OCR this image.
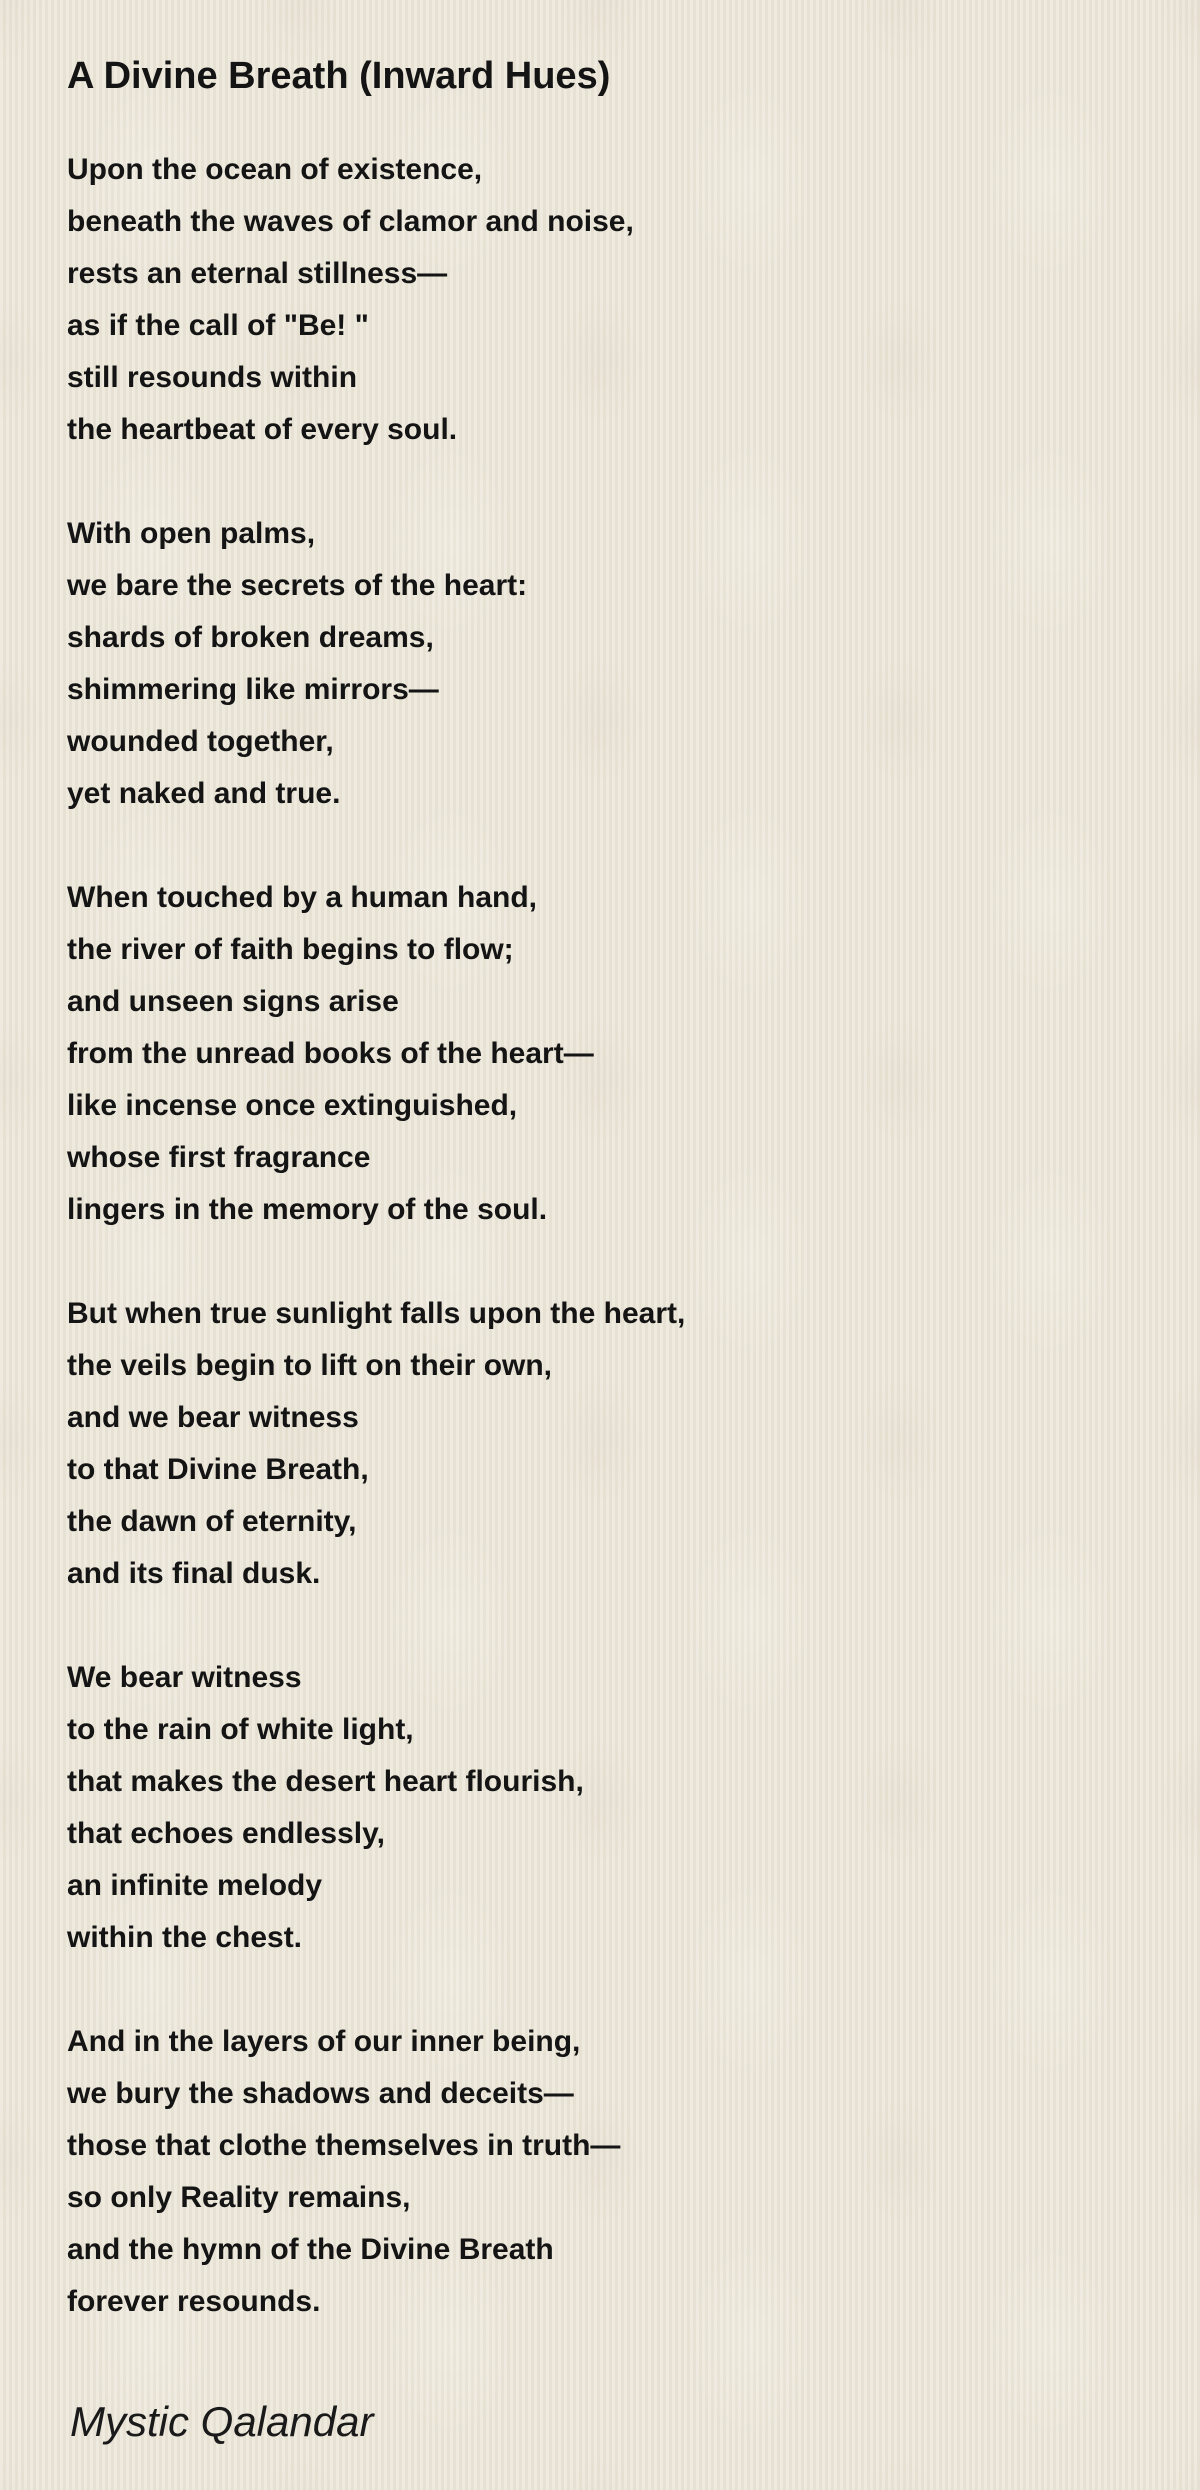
A Divine Breath (Inward Hues)
Upon the ocean of existence,
beneath the waves of clamor and noise,
rests an eternal stillness—
as if the call of "Be! "
still resounds within
the heartbeat of every soul.
With open palms,
we bare the secrets of the heart:
shards of broken dreams,
shimmering like mirrors—
wounded together,
yet naked and true.
When touched by a human hand,
the river of faith begins to flow;
and unseen signs arise
from the unread books of the heart—
like incense once extinguished,
whose first fragrance
lingers in the memory of the soul.
But when true sunlight falls upon the heart,
the veils begin to lift on their own,
and we bear witness
to that Divine Breath,
the dawn of eternity,
and its final dusk.
We bear witness
to the rain of white light,
that makes the desert heart flourish,
that echoes endlessly,
an infinite melody
within the chest.
And in the layers of our inner being,
we bury the shadows and deceits—
those that clothe themselves in truth—
so only Reality remains,
and the hymn of the Divine Breath
forever resounds.
Mystic Qalandar
